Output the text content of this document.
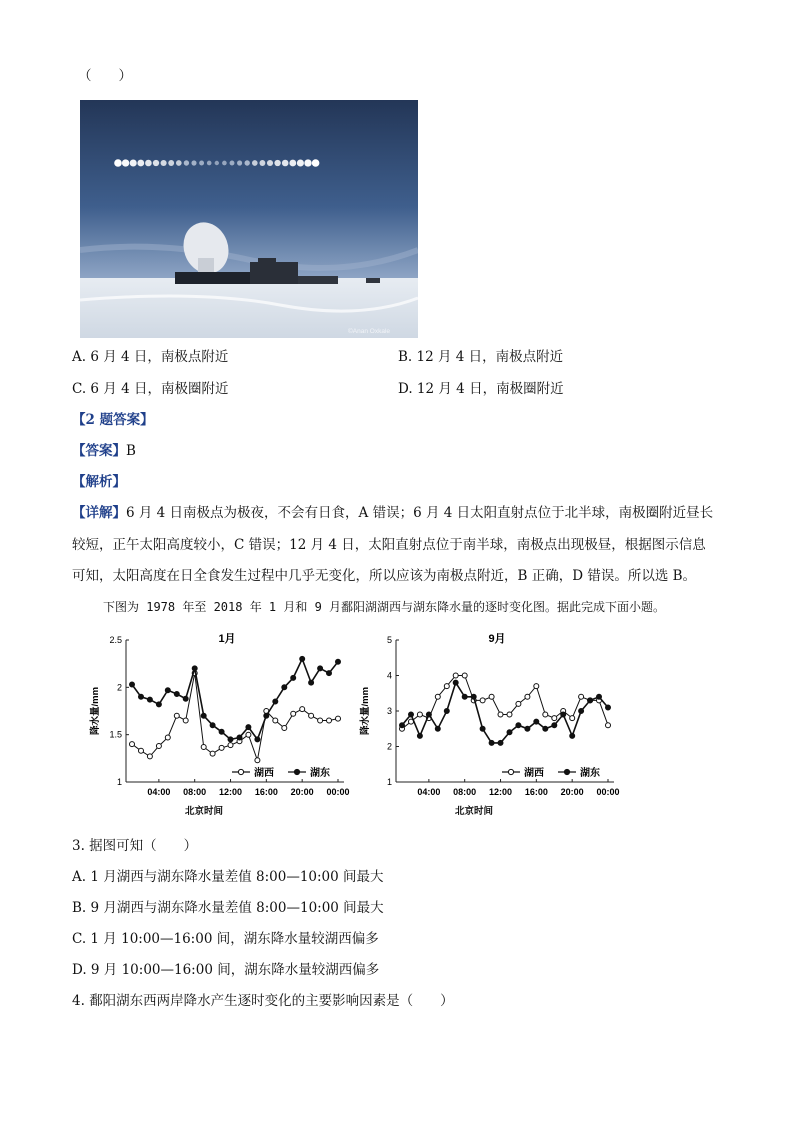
（　　）
©Anan Oxkale
A. 6 月 4 日，南极点附近	B. 12 月 4 日，南极点附近
C. 6 月 4 日，南极圈附近	D. 12 月 4 日，南极圈附近
【2 题答案】
【答案】B
【解析】
【详解】6 月 4 日南极点为极夜，不会有日食，A 错误；6 月 4 日太阳直射点位于北半球，南极圈附近昼长
较短，正午太阳高度较小，C 错误；12 月 4 日，太阳直射点位于南半球，南极点出现极昼，根据图示信息
可知，太阳高度在日全食发生过程中几乎无变化，所以应该为南极点附近，B 正确，D 错误。所以选 B。
下图为 1978 年至 2018 年 1 月和 9 月鄱阳湖湖西与湖东降水量的逐时变化图。据此完成下面小题。
1月
1
1.5
2
2.5
04:00 08:00 12:00 16:00 20:00 00:00
北京时间
降水量/mm
湖西	湖东
9月
1
2
3
4
5
04:00 08:00 12:00 16:00 20:00 00:00
北京时间
降水量/mm
湖西	湖东
3. 据图可知（　　）
A. 1 月湖西与湖东降水量差值 8:00—10:00 间最大
B. 9 月湖西与湖东降水量差值 8:00—10:00 间最大
C. 1 月 10:00—16:00 间，湖东降水量较湖西偏多
D. 9 月 10:00—16:00 间，湖东降水量较湖西偏多
4. 鄱阳湖东西两岸降水产生逐时变化的主要影响因素是（　　）
